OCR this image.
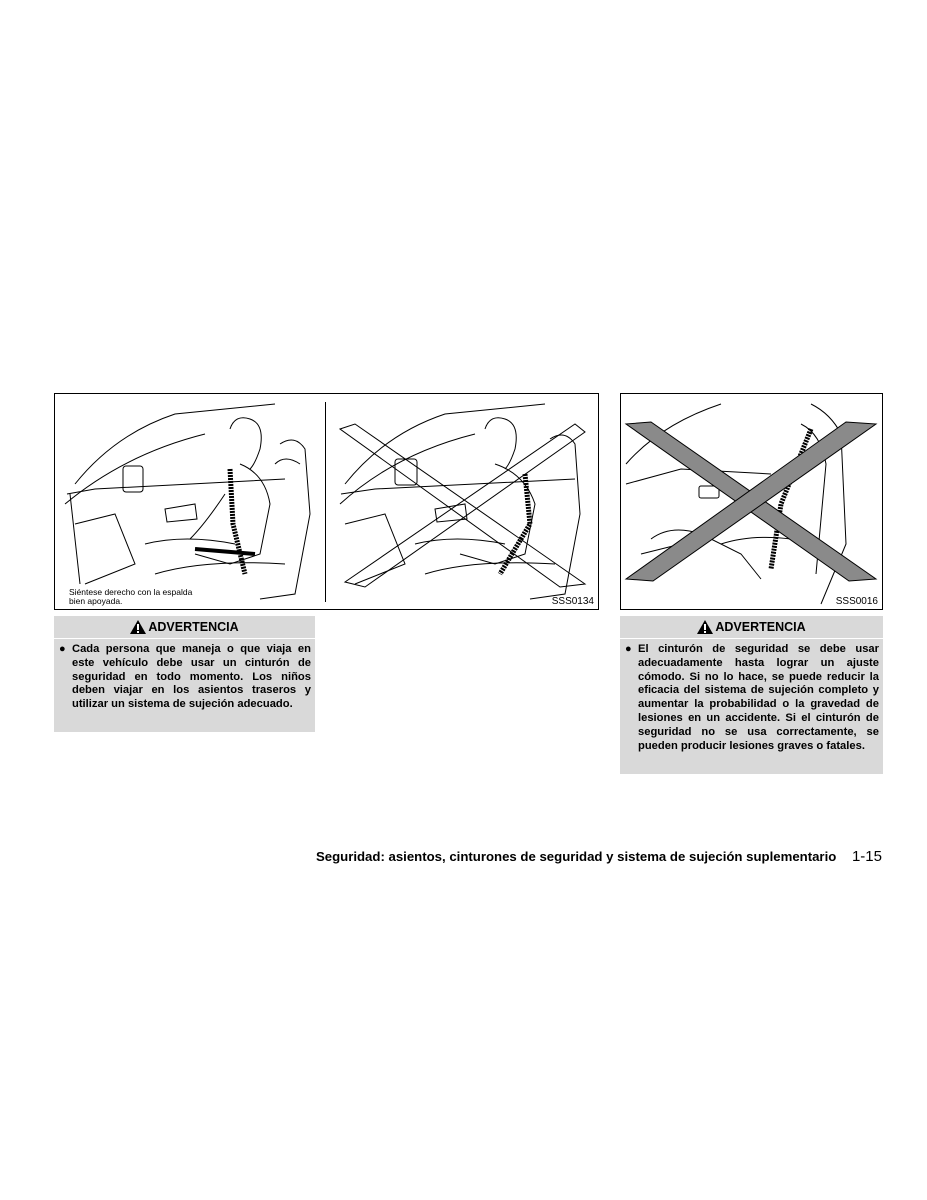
Siéntese derecho con la espalda bien apoyada.	SSS0134	SSS0016
ADVERTENCIA
● Cada persona que maneja o que viaja en este vehículo debe usar un cinturón de seguridad en todo momento. Los niños deben viajar en los asientos traseros y utilizar un sistema de sujeción adecuado.
ADVERTENCIA
● El cinturón de seguridad se debe usar adecuadamente hasta lograr un ajuste cómodo. Si no lo hace, se puede reducir la eficacia del sistema de sujeción completo y aumentar la probabilidad o la gravedad de lesiones en un accidente. Si el cinturón de seguridad no se usa correctamente, se pueden producir lesiones graves o fatales.
Seguridad: asientos, cinturones de seguridad y sistema de sujeción suplementario 1-15
